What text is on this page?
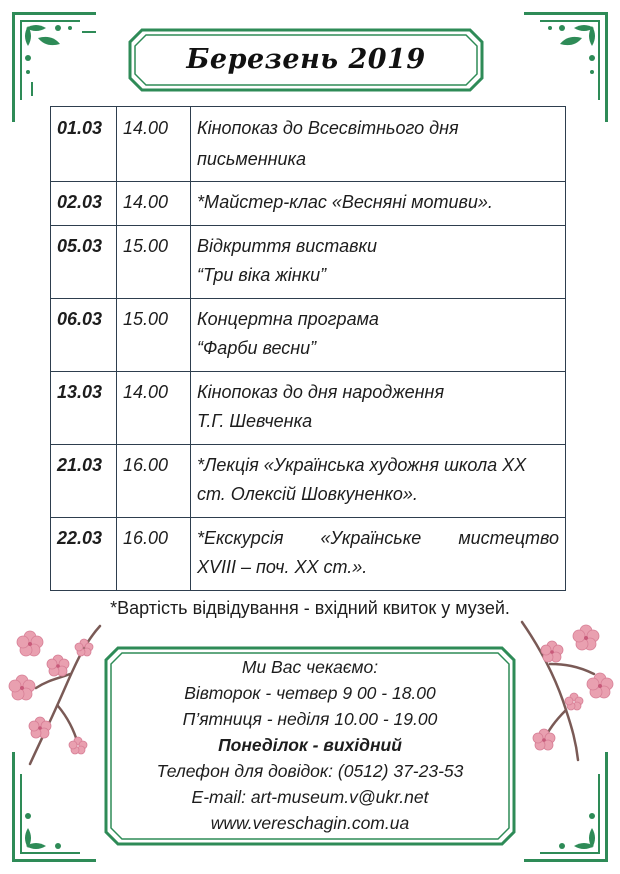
Березень 2019
01.03	14.00	Кінопоказ до Всесвітнього дня
письменника

02.03	14.00	*Майстер-клас «Весняні мотиви».

05.03	15.00	Відкриття виставки
“Три віка жінки”

06.03	15.00	Концертна програма
“Фарби весни”

13.03	14.00	Кінопоказ до дня народження
Т.Г. Шевченка

21.03	16.00	*Лекція «Українська художня школа XX
ст. Олексій Шовкуненко».

22.03	16.00	*Екскурсія «Українське мистецтво
XVIII – поч. XX ст.».
*Вартість відвідування - вхідний квиток у музей.
Ми Вас чекаємо:
Вівторок - четвер 9 00 - 18.00
П’ятниця - неділя 10.00 - 19.00
Понеділок - вихідний
Телефон для довідок: (0512) 37-23-53
E-mail: art-museum.v@ukr.net
www.vereschagin.com.ua
